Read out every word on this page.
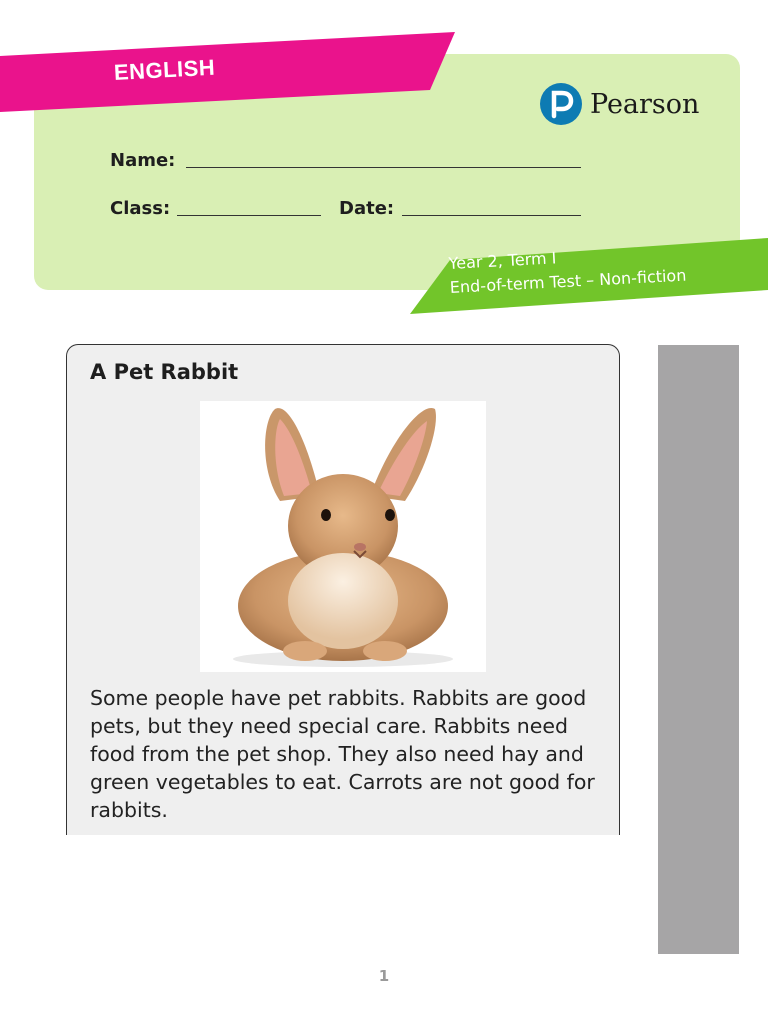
ENGLISH
Pearson
Name:
Class:	Date:
Year 2, Term I
End-of-term Test – Non-fiction
A Pet Rabbit
Some people have pet rabbits. Rabbits are good pets, but they need special care. Rabbits need food from the pet shop. They also need hay and green vegetables to eat. Carrots are not good for rabbits.
1
